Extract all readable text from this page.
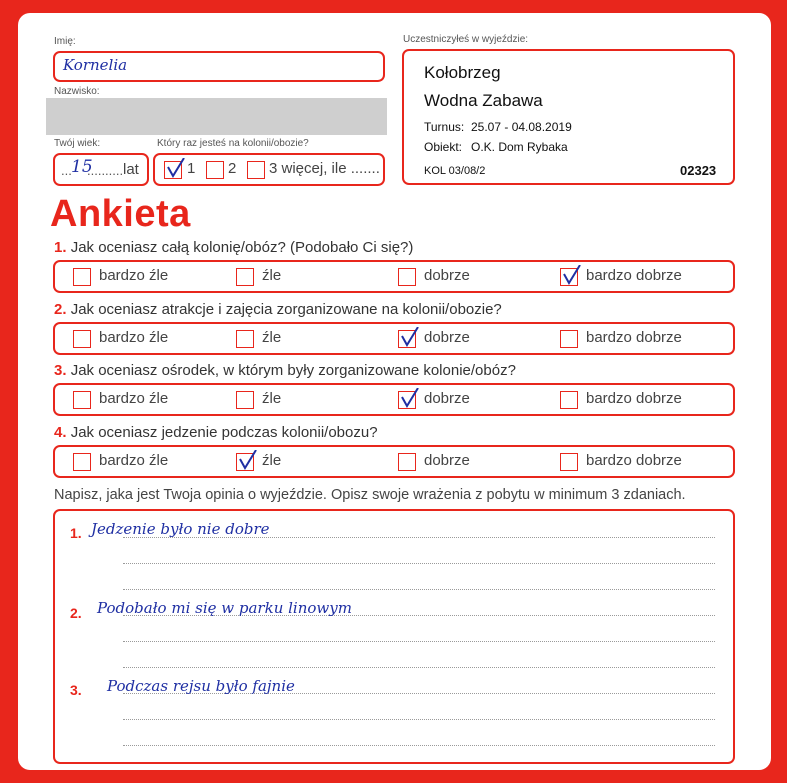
Imię:
Kornelia
Nazwisko:
Twój wiek:
... 15
.......... lat
Który raz jesteś na kolonii/obozie?
1 2 3 więcej, ile .......
Uczestniczyłeś w wyjeździe:
Kołobrzeg
Wodna Zabawa
Turnus: 25.07 - 04.08.2019
Obiekt: O.K. Dom Rybaka
KOL 03/08/2	02323
Ankieta
1. Jak oceniasz całą kolonię/obóz? (Podobało Ci się?)
bardzo źle	źle	dobrze	bardzo dobrze
2. Jak oceniasz atrakcje i zajęcia zorganizowane na kolonii/obozie?
bardzo źle	źle	dobrze	bardzo dobrze
3. Jak oceniasz ośrodek, w którym były zorganizowane kolonie/obóz?
bardzo źle	źle	dobrze	bardzo dobrze
4. Jak oceniasz jedzenie podczas kolonii/obozu?
bardzo źle	źle	dobrze	bardzo dobrze
Napisz, jaka jest Twoja opinia o wyjeździe. Opisz swoje wrażenia z pobytu w minimum 3 zdaniach.
1. Jedzenie było nie dobre
2. Podobało mi się w parku linowym
3. Podczas rejsu było fajnie
